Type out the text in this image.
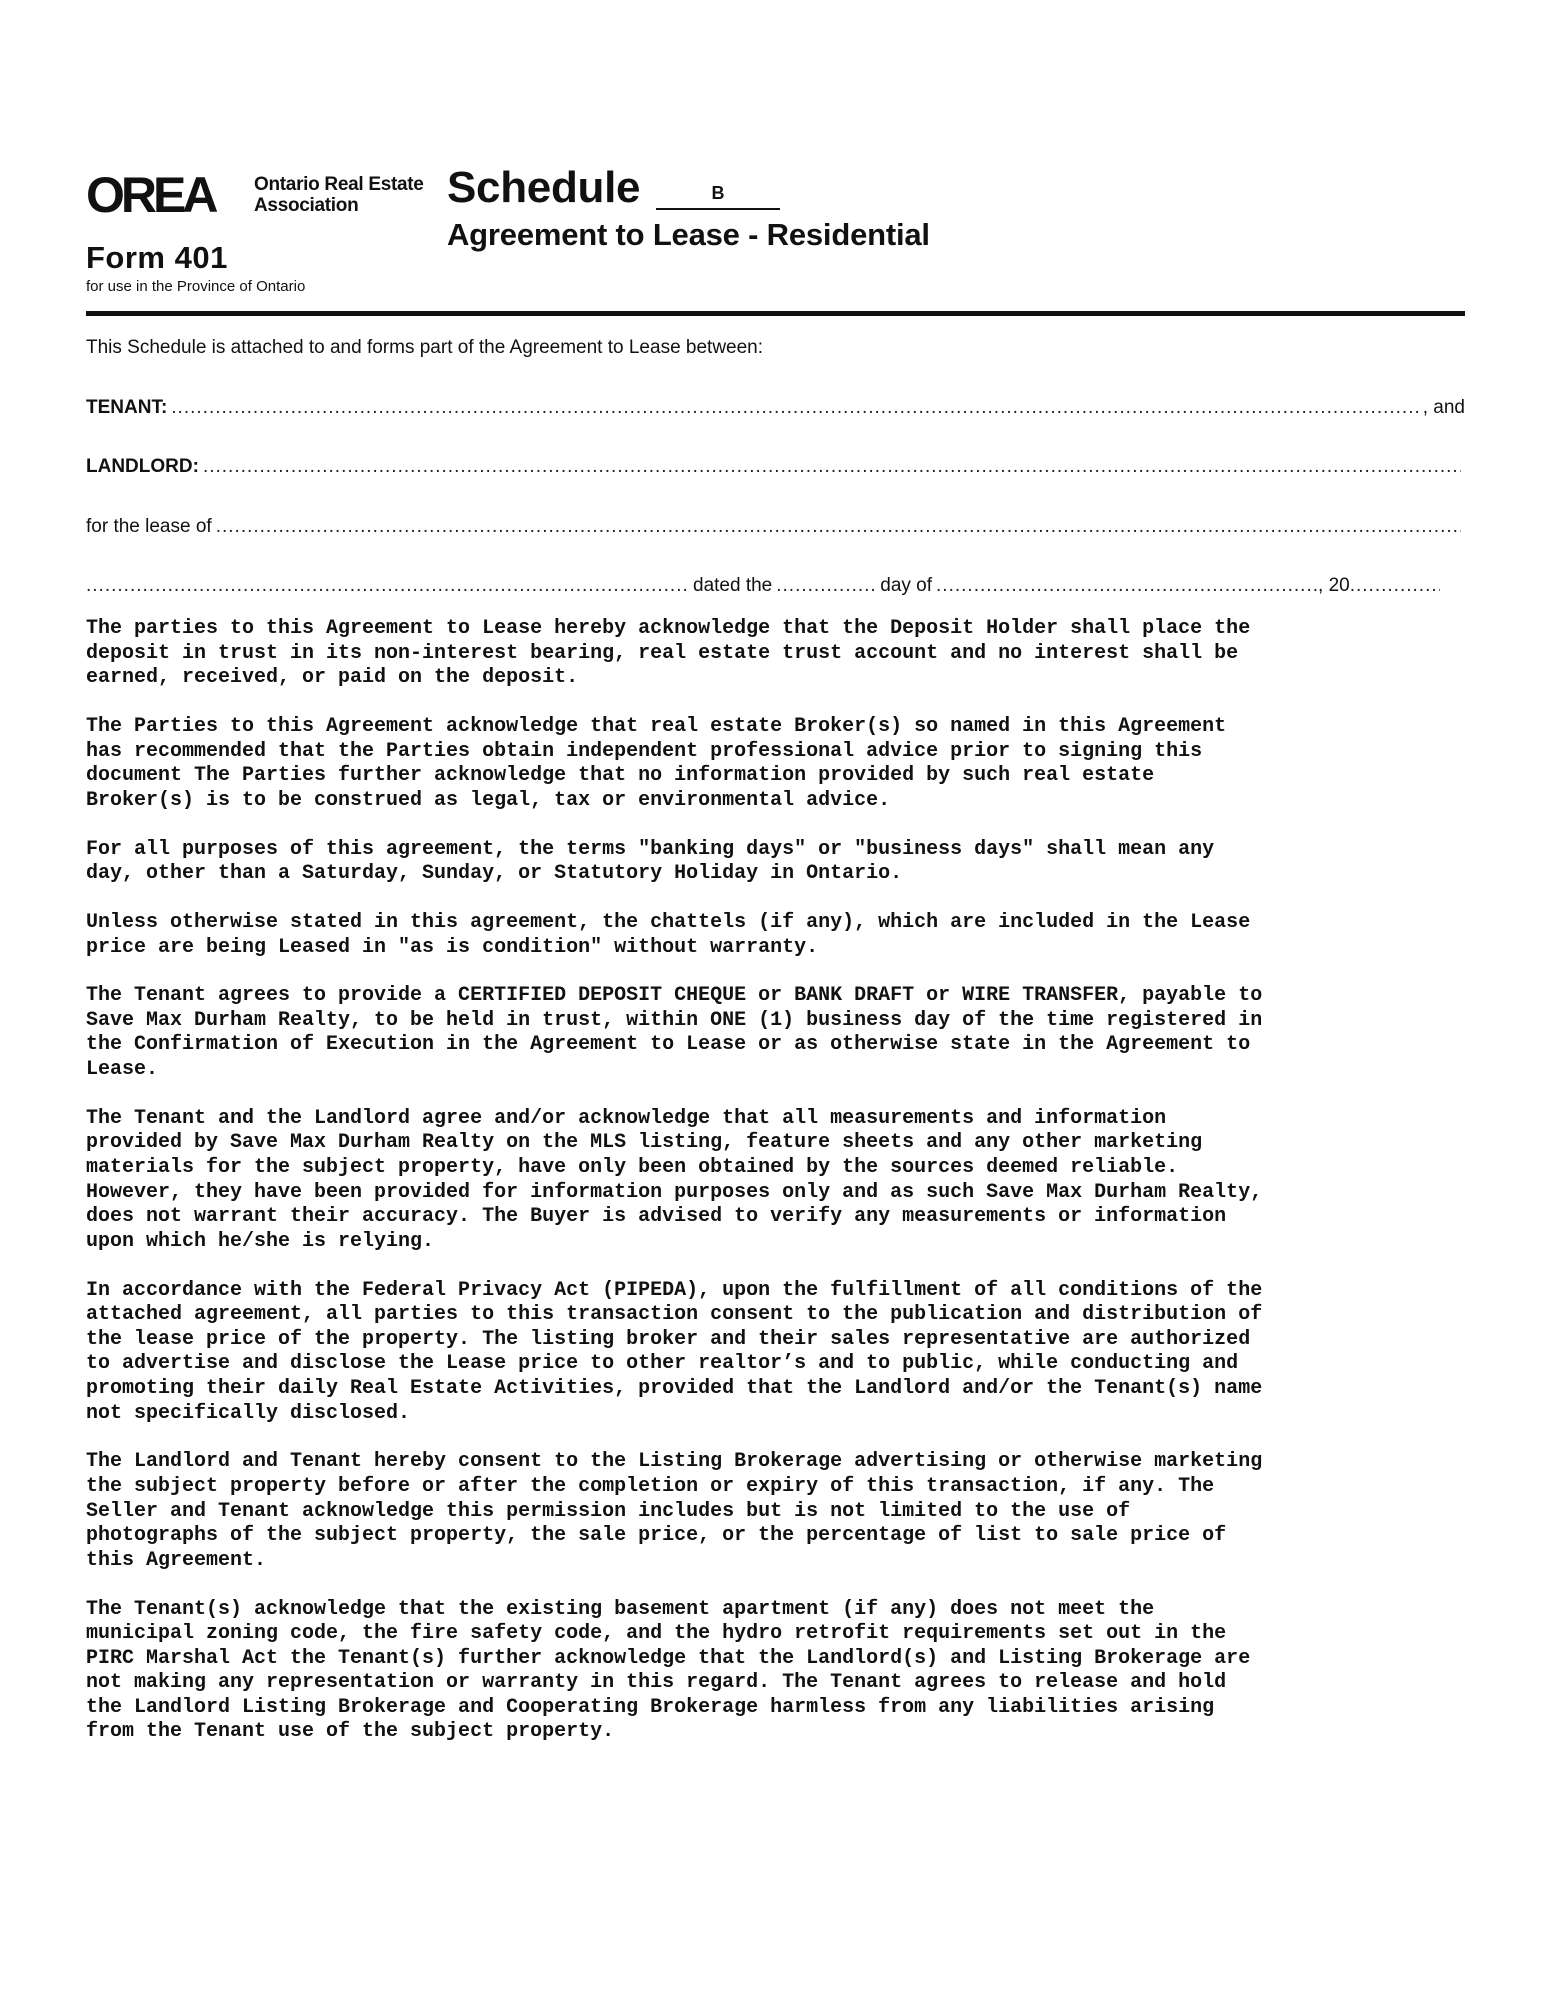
OREA Ontario Real Estate
Association
Form 401
for use in the Province of Ontario
Schedule	B
Agreement to Lease - Residential
This Schedule is attached to and forms part of the Agreement to Lease between:
TENANT: .....	, and
LANDLORD:
.....
for the lease of
.....
.....
dated the .....	day of .....	, 20
.....

The parties to this Agreement to Lease hereby acknowledge that the Deposit Holder shall place the
deposit in trust in its non-interest bearing, real estate trust account and no interest shall be
earned, received, or paid on the deposit.

The Parties to this Agreement acknowledge that real estate Broker(s) so named in this Agreement
has recommended that the Parties obtain independent professional advice prior to signing this
document The Parties further acknowledge that no information provided by such real estate
Broker(s) is to be construed as legal, tax or environmental advice.

For all purposes of this agreement, the terms "banking days" or "business days" shall mean any
day, other than a Saturday, Sunday, or Statutory Holiday in Ontario.

Unless otherwise stated in this agreement, the chattels (if any), which are included in the Lease
price are being Leased in "as is condition" without warranty.

The Tenant agrees to provide a CERTIFIED DEPOSIT CHEQUE or BANK DRAFT or WIRE TRANSFER, payable to
Save Max Durham Realty, to be held in trust, within ONE (1) business day of the time registered in
the Confirmation of Execution in the Agreement to Lease or as otherwise state in the Agreement to
Lease.

The Tenant and the Landlord agree and/or acknowledge that all measurements and information
provided by Save Max Durham Realty on the MLS listing, feature sheets and any other marketing
materials for the subject property, have only been obtained by the sources deemed reliable.
However, they have been provided for information purposes only and as such Save Max Durham Realty,
does not warrant their accuracy. The Buyer is advised to verify any measurements or information
upon which he/she is relying.

In accordance with the Federal Privacy Act (PIPEDA), upon the fulfillment of all conditions of the
attached agreement, all parties to this transaction consent to the publication and distribution of
the lease price of the property. The listing broker and their sales representative are authorized
to advertise and disclose the Lease price to other realtor’s and to public, while conducting and
promoting their daily Real Estate Activities, provided that the Landlord and/or the Tenant(s) name
not specifically disclosed.

The Landlord and Tenant hereby consent to the Listing Brokerage advertising or otherwise marketing
the subject property before or after the completion or expiry of this transaction, if any. The
Seller and Tenant acknowledge this permission includes but is not limited to the use of
photographs of the subject property, the sale price, or the percentage of list to sale price of
this Agreement.

The Tenant(s) acknowledge that the existing basement apartment (if any) does not meet the
municipal zoning code, the fire safety code, and the hydro retrofit requirements set out in the
PIRC Marshal Act the Tenant(s) further acknowledge that the Landlord(s) and Listing Brokerage are
not making any representation or warranty in this regard. The Tenant agrees to release and hold
the Landlord Listing Brokerage and Cooperating Brokerage harmless from any liabilities arising
from the Tenant use of the subject property.
